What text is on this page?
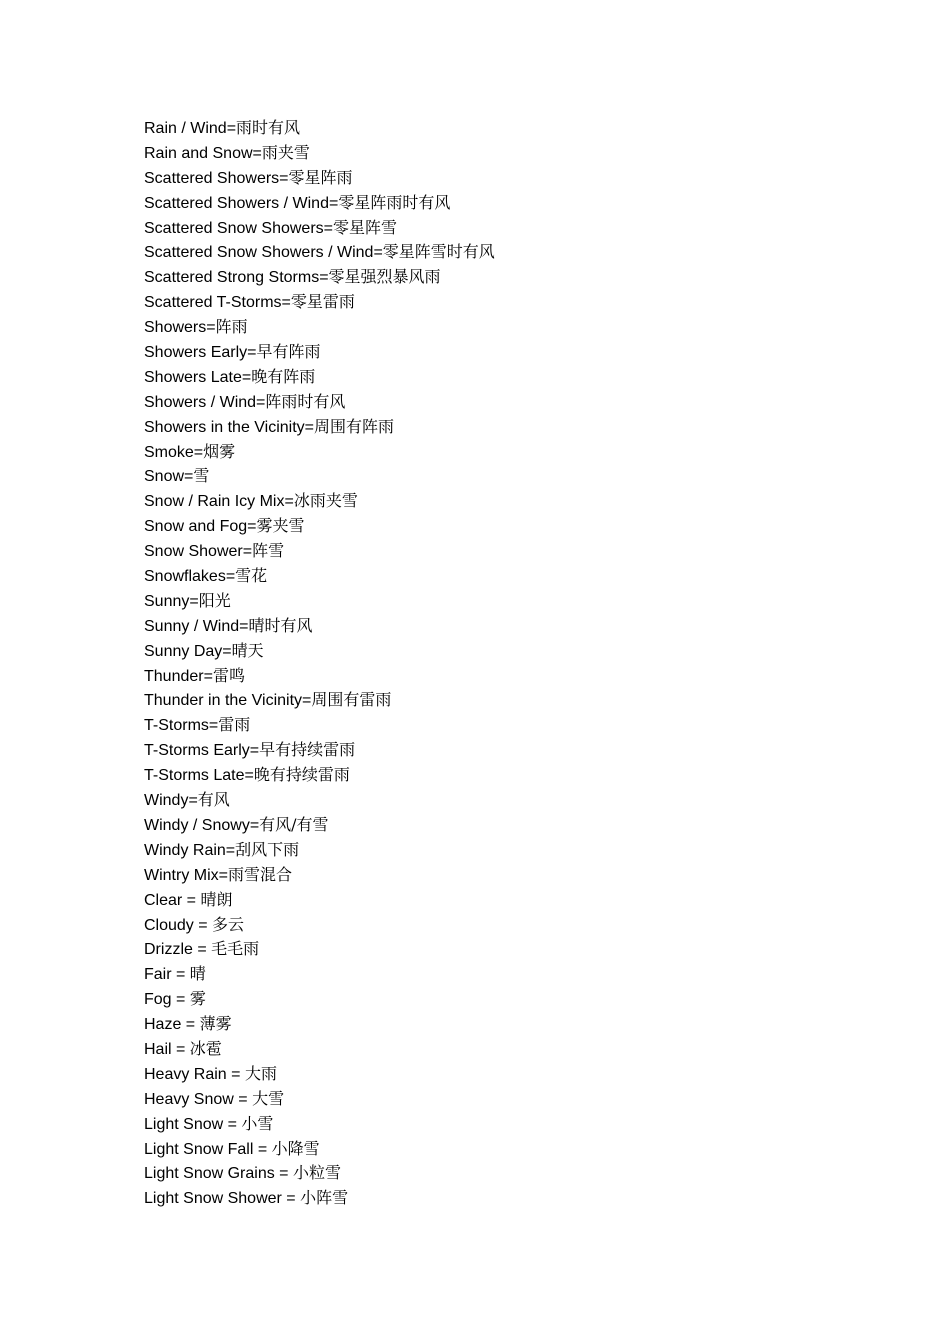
Rain / Wind=雨时有风
Rain and Snow=雨夹雪
Scattered Showers=零星阵雨
Scattered Showers / Wind=零星阵雨时有风
Scattered Snow Showers=零星阵雪
Scattered Snow Showers / Wind=零星阵雪时有风
Scattered Strong Storms=零星强烈暴风雨
Scattered T-Storms=零星雷雨
Showers=阵雨
Showers Early=早有阵雨
Showers Late=晚有阵雨
Showers / Wind=阵雨时有风
Showers in the Vicinity=周围有阵雨
Smoke=烟雾
Snow=雪
Snow / Rain Icy Mix=冰雨夹雪
Snow and Fog=雾夹雪
Snow Shower=阵雪
Snowflakes=雪花
Sunny=阳光
Sunny / Wind=晴时有风
Sunny Day=晴天
Thunder=雷鸣
Thunder in the Vicinity=周围有雷雨
T-Storms=雷雨
T-Storms Early=早有持续雷雨
T-Storms Late=晚有持续雷雨
Windy=有风
Windy / Snowy=有风/有雪
Windy Rain=刮风下雨
Wintry Mix=雨雪混合
Clear = 晴朗
Cloudy = 多云
Drizzle = 毛毛雨
Fair = 晴
Fog = 雾
Haze = 薄雾
Hail = 冰雹
Heavy Rain = 大雨
Heavy Snow = 大雪
Light Snow = 小雪
Light Snow Fall = 小降雪
Light Snow Grains = 小粒雪
Light Snow Shower = 小阵雪
